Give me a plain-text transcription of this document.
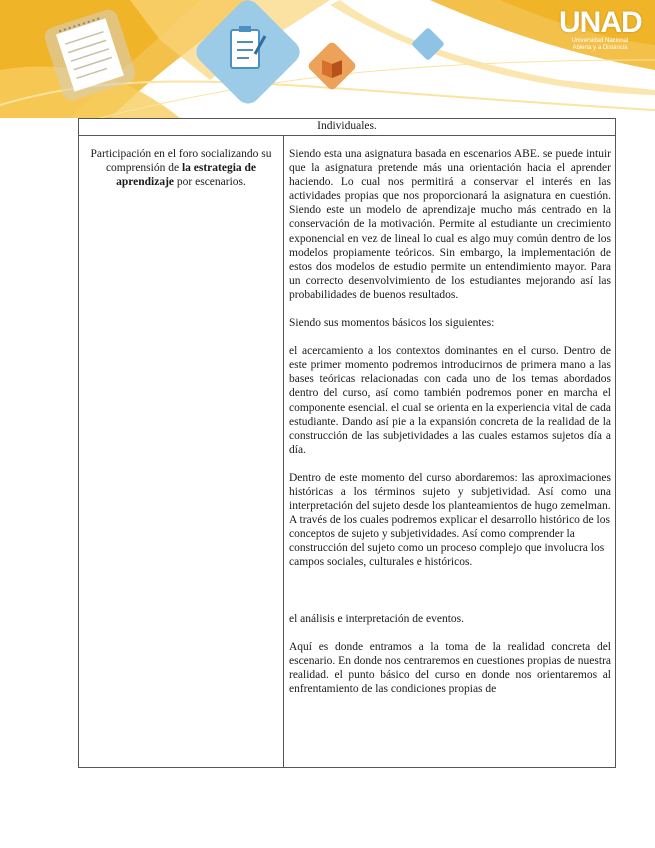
UNAD
Universidad Nacional
Abierta y a Distancia
Individuales.
Participación en el foro socializando su comprensión de la estrategia de aprendizaje por escenarios.

Siendo esta una asignatura basada en escenarios ABE. se puede intuir que la asignatura pretende más una orientación hacia el aprender haciendo. Lo cual nos permitirá a conservar el interés en las actividades propias que nos proporcionará la asignatura en cuestión. Siendo este un modelo de aprendizaje mucho más centrado en la conservación de la motivación. Permite al estudiante un crecimiento exponencial en vez de lineal lo cual es algo muy común dentro de los modelos propiamente teóricos. Sin embargo, la implementación de estos dos modelos de estudio permite un entendimiento mayor. Para un correcto desenvolvimiento de los estudiantes mejorando así las probabilidades de buenos resultados.

Siendo sus momentos básicos los siguientes:

el acercamiento a los contextos dominantes en el curso. Dentro de este primer momento podremos introducirnos de primera mano a las bases teóricas relacionadas con cada uno de los temas abordados dentro del curso, así como también podremos poner en marcha el componente esencial. el cual se orienta en la experiencia vital de cada estudiante. Dando así pie a la expansión concreta de la realidad de la construcción de las subjetividades a las cuales estamos sujetos día a día.

Dentro de este momento del curso abordaremos: las aproximaciones históricas a los términos sujeto y subjetividad. Así como una interpretación del sujeto desde los planteamientos de hugo zemelman.

A través de los cuales podremos explicar el desarrollo histórico de los conceptos de sujeto y subjetividades. Así como comprender la construcción del sujeto como un proceso complejo que involucra los campos sociales, culturales e históricos.

el análisis e interpretación de eventos.

Aquí es donde entramos a la toma de la realidad concreta del escenario. En donde nos centraremos en cuestiones propias de nuestra realidad. el punto básico del curso en donde nos orientaremos al enfrentamiento de las condiciones propias de
